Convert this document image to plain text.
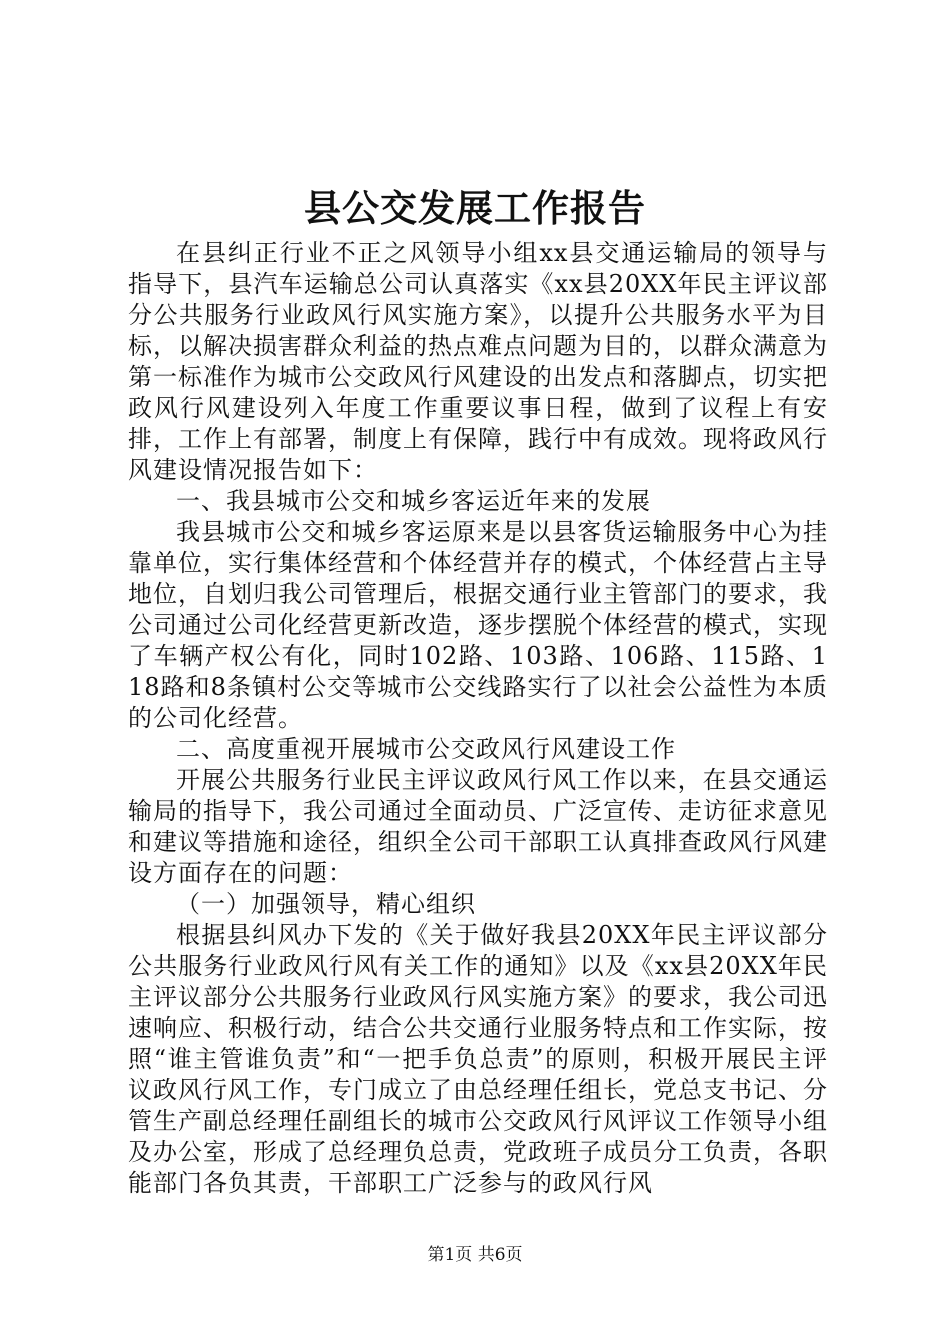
县公交发展工作报告

在县纠正行业不正之风领导小组xx县交通运输局的领导与指导下，县汽车运输总公司认真落实《xx县20XX年民主评议部分公共服务行业政风行风实施方案》，以提升公共服务水平为目标，以解决损害群众利益的热点难点问题为目的，以群众满意为第一标准作为城市公交政风行风建设的出发点和落脚点，切实把政风行风建设列入年度工作重要议事日程，做到了议程上有安排，工作上有部署，制度上有保障，践行中有成效。现将政风行风建设情况报告如下：

一、我县城市公交和城乡客运近年来的发展

我县城市公交和城乡客运原来是以县客货运输服务中心为挂靠单位，实行集体经营和个体经营并存的模式，个体经营占主导地位，自划归我公司管理后，根据交通行业主管部门的要求，我公司通过公司化经营更新改造，逐步摆脱个体经营的模式，实现了车辆产权公有化，同时102路、103路、106路、115路、118路和8条镇村公交等城市公交线路实行了以社会公益性为本质的公司化经营。

二、高度重视开展城市公交政风行风建设工作

开展公共服务行业民主评议政风行风工作以来，在县交通运输局的指导下，我公司通过全面动员、广泛宣传、走访征求意见和建议等措施和途径，组织全公司干部职工认真排查政风行风建设方面存在的问题：

（一）加强领导，精心组织

根据县纠风办下发的《关于做好我县20XX年民主评议部分公共服务行业政风行风有关工作的通知》以及《xx县20XX年民主评议部分公共服务行业政风行风实施方案》的要求，我公司迅速响应、积极行动，结合公共交通行业服务特点和工作实际，按照“谁主管谁负责”和“一把手负总责”的原则，积极开展民主评议政风行风工作，专门成立了由总经理任组长，党总支书记、分管生产副总经理任副组长的城市公交政风行风评议工作领导小组及办公室，形成了总经理负总责，党政班子成员分工负责，各职能部门各负其责，干部职工广泛参与的政风行风

第1页 共6页
